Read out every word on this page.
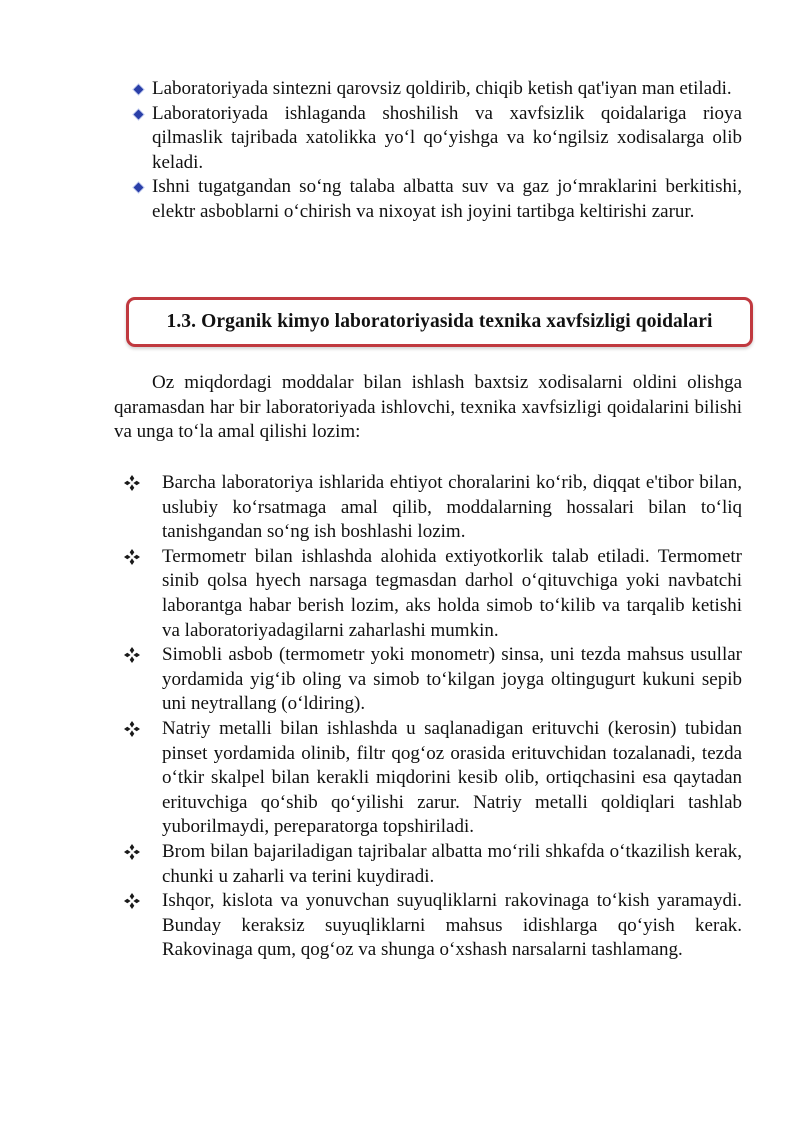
Laboratoriyada sintezni qarovsiz qoldirib, chiqib ketish qat'iyan man etiladi.
Laboratoriyada ishlaganda shoshilish va xavfsizlik qoidalariga rioya qilmaslik tajribada xatolikka yo‘l qo‘yishga va ko‘ngilsiz xodisalarga olib keladi.
Ishni tugatgandan so‘ng talaba albatta suv va gaz jo‘mraklarini berkitishi, elektr asboblarni o‘chirish va nixoyat ish joyini tartibga keltirishi zarur.
1.3. Organik kimyo laboratoriyasida texnika xavfsizligi qoidalari

Oz miqdordagi moddalar bilan ishlash baxtsiz xodisalarni oldini olishga qaramasdan har bir laboratoriyada ishlovchi, texnika xavfsizligi qoidalarini bilishi va unga to‘la amal qilishi lozim:

Barcha laboratoriya ishlarida ehtiyot choralarini ko‘rib, diqqat e'tibor bilan, uslubiy ko‘rsatmaga amal qilib, moddalarning hossalari bilan to‘liq tanishgandan so‘ng ish boshlashi lozim.
Termometr bilan ishlashda alohida extiyotkorlik talab etiladi. Termometr sinib qolsa hyech narsaga tegmasdan darhol o‘qituvchiga yoki navbatchi laborantga habar berish lozim, aks holda simob to‘kilib va tarqalib ketishi va laboratoriyadagilarni zaharlashi mumkin.
Simobli asbob (termometr yoki monometr) sinsa, uni tezda mahsus usullar yordamida yig‘ib oling va simob to‘kilgan joyga oltingugurt kukuni sepib uni neytrallang (o‘ldiring).
Natriy metalli bilan ishlashda u saqlanadigan erituvchi (kerosin) tubidan pinset yordamida olinib, filtr qog‘oz orasida erituvchidan tozalanadi, tezda o‘tkir skalpel bilan kerakli miqdorini kesib olib, ortiqchasini esa qaytadan erituvchiga qo‘shib qo‘yilishi zarur. Natriy metalli qoldiqlari tashlab yuborilmaydi, pereparatorga topshiriladi.
Brom bilan bajariladigan tajribalar albatta mo‘rili shkafda o‘tkazilish kerak, chunki u zaharli va terini kuydiradi.
Ishqor, kislota va yonuvchan suyuqliklarni rakovinaga to‘kish yaramaydi. Bunday keraksiz suyuqliklarni mahsus idishlarga qo‘yish kerak. Rakovinaga qum, qog‘oz va shunga o‘xshash narsalarni tashlamang.
